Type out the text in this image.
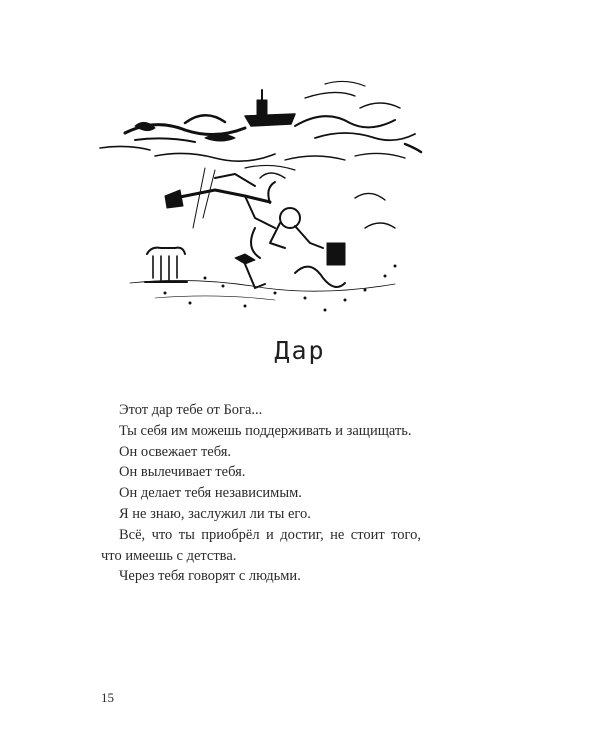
Дар

Этот дар тебе от Бога...

Ты себя им можешь поддерживать и защищать.

Он освежает тебя.

Он вылечивает тебя.

Он делает тебя независимым.

Я не знаю, заслужил ли ты его.

Всё, что ты приобрёл и достиг, не стоит того, что имеешь с детства.

Через тебя говорят с людьми.

15
